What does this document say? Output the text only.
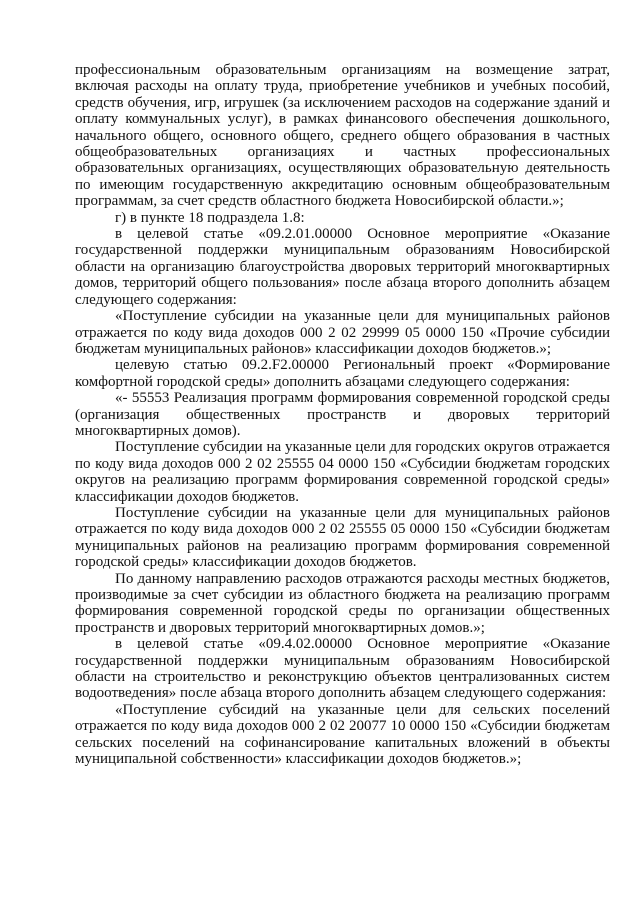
профессиональным образовательным организациям на возмещение затрат, включая расходы на оплату труда, приобретение учебников и учебных пособий, средств обучения, игр, игрушек (за исключением расходов на содержание зданий и оплату коммунальных услуг), в рамках финансового обеспечения дошкольного, начального общего, основного общего, среднего общего образования в частных общеобразовательных организациях и частных профессиональных образовательных организациях, осуществляющих образовательную деятельность по имеющим государственную аккредитацию основным общеобразовательным программам, за счет средств областного бюджета Новосибирской области.»;

г) в пункте 18 подраздела 1.8:

в целевой статье «09.2.01.00000 Основное мероприятие «Оказание государственной поддержки муниципальным образованиям Новосибирской области на организацию благоустройства дворовых территорий многоквартирных домов, территорий общего пользования» после абзаца второго дополнить абзацем следующего содержания:

«Поступление субсидии на указанные цели для муниципальных районов отражается по коду вида доходов 000 2 02 29999 05 0000 150 «Прочие субсидии бюджетам муниципальных районов» классификации доходов бюджетов.»;

целевую статью 09.2.F2.00000 Региональный проект «Формирование комфортной городской среды» дополнить абзацами следующего содержания:

«- 55553 Реализация программ формирования современной городской среды (организация общественных пространств и дворовых территорий многоквартирных домов).

Поступление субсидии на указанные цели для городских округов отражается по коду вида доходов 000 2 02 25555 04 0000 150 «Субсидии бюджетам городских округов на реализацию программ формирования современной городской среды» классификации доходов бюджетов.

Поступление субсидии на указанные цели для муниципальных районов отражается по коду вида доходов 000 2 02 25555 05 0000 150 «Субсидии бюджетам муниципальных районов на реализацию программ формирования современной городской среды» классификации доходов бюджетов.

По данному направлению расходов отражаются расходы местных бюджетов, производимые за счет субсидии из областного бюджета на реализацию программ формирования современной городской среды по организации общественных пространств и дворовых территорий многоквартирных домов.»;

в целевой статье «09.4.02.00000 Основное мероприятие «Оказание государственной поддержки муниципальным образованиям Новосибирской области на строительство и реконструкцию объектов централизованных систем водоотведения» после абзаца второго дополнить абзацем следующего содержания:

«Поступление субсидий на указанные цели для сельских поселений отражается по коду вида доходов 000 2 02 20077 10 0000 150 «Субсидии бюджетам сельских поселений на софинансирование капитальных вложений в объекты муниципальной собственности» классификации доходов бюджетов.»;
